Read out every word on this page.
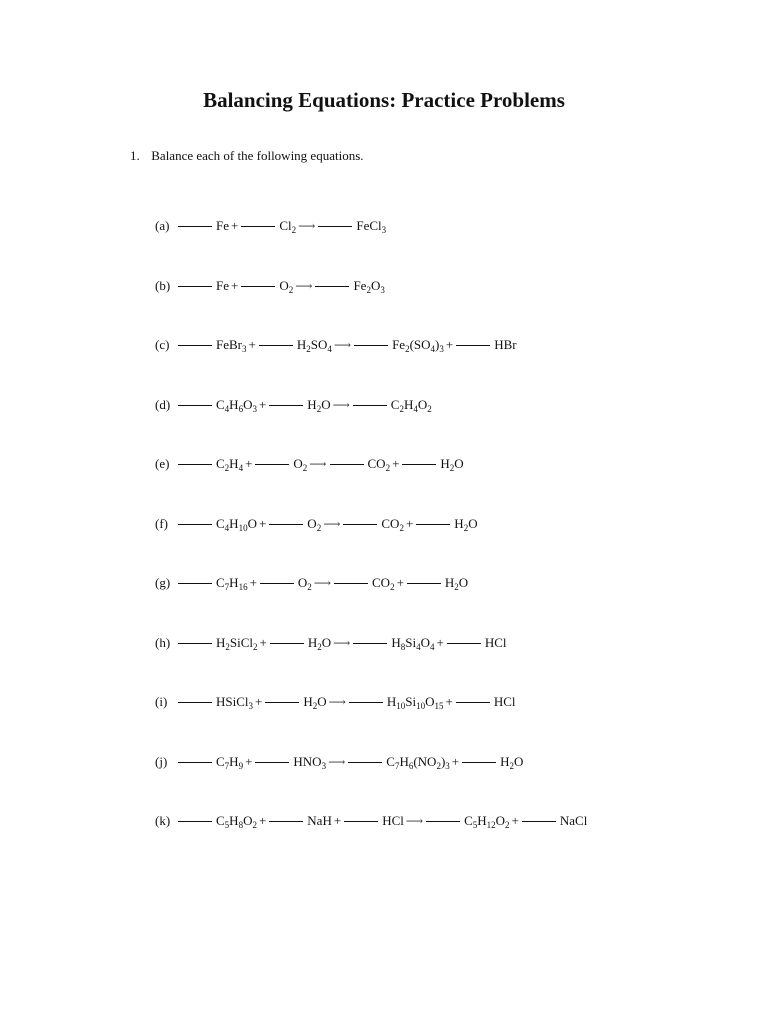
Balancing Equations: Practice Problems
1. Balance each of the following equations.
(a)	Fe +	$Cl_2$ ⟶	FeCl$_3$
(b)	Fe +	$O_2$ ⟶	$Fe_2O_3$
(c)	FeBr$_3$ +	$H_2SO_4$ ⟶	$Fe_2(SO_4)_3$ +	HBr
(d)	$C_4H_6O_3$ +	$H_2O$ ⟶	$C_2H_4O_2$
(e)	$C_2H_4$ +	$O_2$ ⟶	$CO_2$ +	$H_2O$
(f)	$C_4H_{10}O$ +	$O_2$ ⟶	$CO_2$ +	$H_2O$
(g)	$C_7H_{16}$ +	$O_2$ ⟶	$CO_2$ +	$H_2O$
(h)	$H_2SiCl_2$ +	$H_2O$ ⟶	$H_8Si_4O_4$ +	HCl
(i)	HSiCl$_3$ +	$H_2O$ ⟶	$H_{10}Si_{10}O_{15}$ +	HCl
(j)	$C_7H_9$ +	$HNO_3$ ⟶	$C_7H_6(NO_2)_3$ +	$H_2O$
(k)	$C_5H_8O_2$ +	NaH +	HCl ⟶	$C_5H_{12}O_2$ +	NaCl
